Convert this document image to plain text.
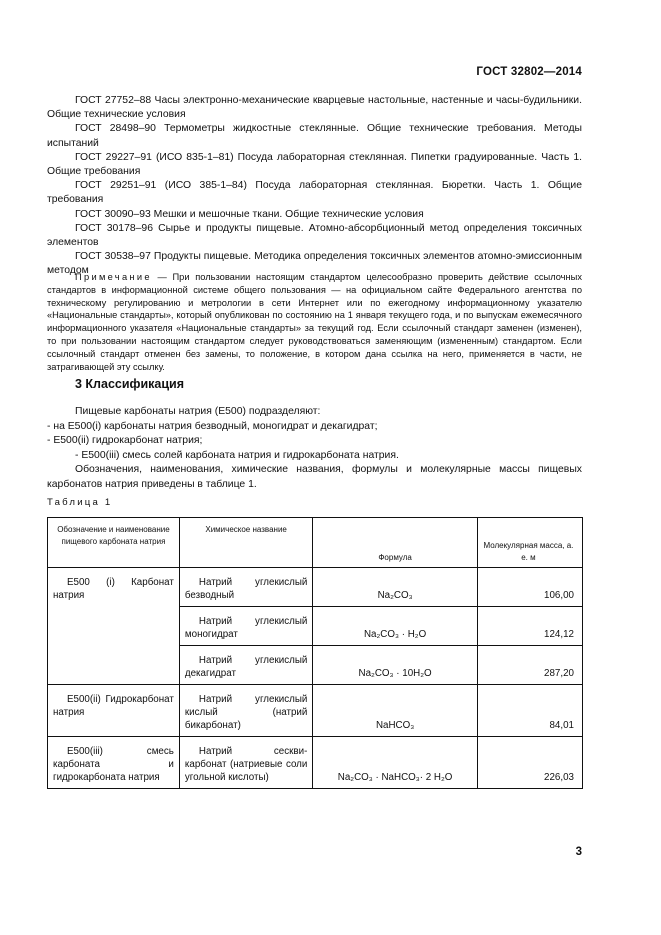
ГОСТ 32802—2014

ГОСТ 27752–88 Часы электронно-механические кварцевые настольные, настенные и часы-будильники. Общие технические условия

ГОСТ 28498–90 Термометры жидкостные стеклянные. Общие технические требования. Методы испытаний

ГОСТ 29227–91 (ИСО 835-1–81) Посуда лабораторная стеклянная. Пипетки градуированные. Часть 1. Общие требования

ГОСТ 29251–91 (ИСО 385-1–84) Посуда лабораторная стеклянная. Бюретки. Часть 1. Общие требования

ГОСТ 30090–93 Мешки и мешочные ткани. Общие технические условия

ГОСТ 30178–96 Сырье и продукты пищевые. Атомно-абсорбционный метод определения токсичных элементов

ГОСТ 30538–97 Продукты пищевые. Методика определения токсичных элементов атомно-эмиссионным методом

Примечание — При пользовании настоящим стандартом целесообразно проверить действие ссылочных стандартов в информационной системе общего пользования — на официальном сайте Федерального агентства по техническому регулированию и метрологии в сети Интернет или по ежегодному информационному указателю «Национальные стандарты», который опубликован по состоянию на 1 января текущего года, и по выпускам ежемесячного информационного указателя «Национальные стандарты» за текущий год. Если ссылочный стандарт заменен (изменен), то при пользовании настоящим стандартом следует руководствоваться заменяющим (измененным) стандартом. Если ссылочный стандарт отменен без замены, то положение, в котором дана ссылка на него, применяется в части, не затрагивающей эту ссылку.

3 Классификация

Пищевые карбонаты натрия (Е500) подразделяют:

- на Е500(i) карбонаты натрия безводный, моногидрат и декагидрат;

- Е500(ii) гидрокарбонат натрия;

- Е500(iii) смесь солей карбоната натрия и гидрокарбоната натрия.

Обозначения, наименования, химические названия, формулы и молекулярные массы пищевых карбонатов натрия приведены в таблице 1.

Таблица 1
Обозначение и наименование пищевого карбоната натрия	Химическое название	Формула	Молекулярная масса, а. е. м

Е500 (i) Карбонат натрия	Натрий углекислый безводный	Na₂CO₃	106,00

	Натрий углекислый моногидрат	Na₂CO₃ · H₂O	124,12

	Натрий углекислый декагидрат	Na₂CO₃ · 10H₂O	287,20

Е500(ii) Гидрокарбонат натрия	Натрий углекислый кислый (натрий бикарбонат)	NaHCO₃	84,01

Е500(iii) смесь карбоната и гидрокарбоната натрия	Натрий сескви-карбонат (натриевые соли угольной кислоты)	Na₂CO₃ · NaHCO₃· 2 H₂O	226,03
3
